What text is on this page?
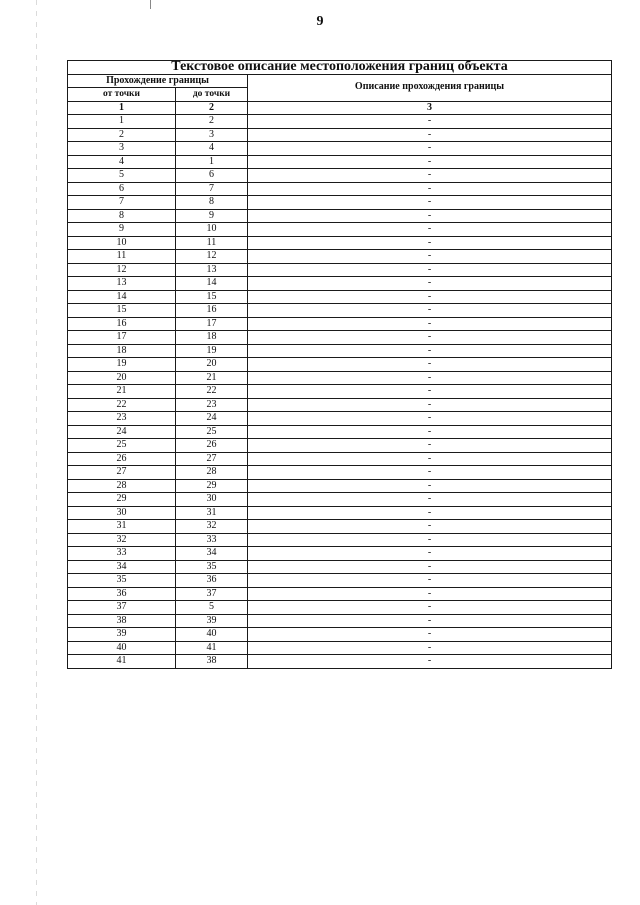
9
Текстовое описание местоположения границ объекта		
Прохождение границы		Описание прохождения границы
от точки	до точки	
1	2	3
1	2	-
2	3	-
3	4	-
4	1	-
5	6	-
6	7	-
7	8	-
8	9	-
9	10	-
10	11	-
11	12	-
12	13	-
13	14	-
14	15	-
15	16	-
16	17	-
17	18	-
18	19	-
19	20	-
20	21	-
21	22	-
22	23	-
23	24	-
24	25	-
25	26	-
26	27	-
27	28	-
28	29	-
29	30	-
30	31	-
31	32	-
32	33	-
33	34	-
34	35	-
35	36	-
36	37	-
37	5	-
38	39	-
39	40	-
40	41	-
41	38	-
